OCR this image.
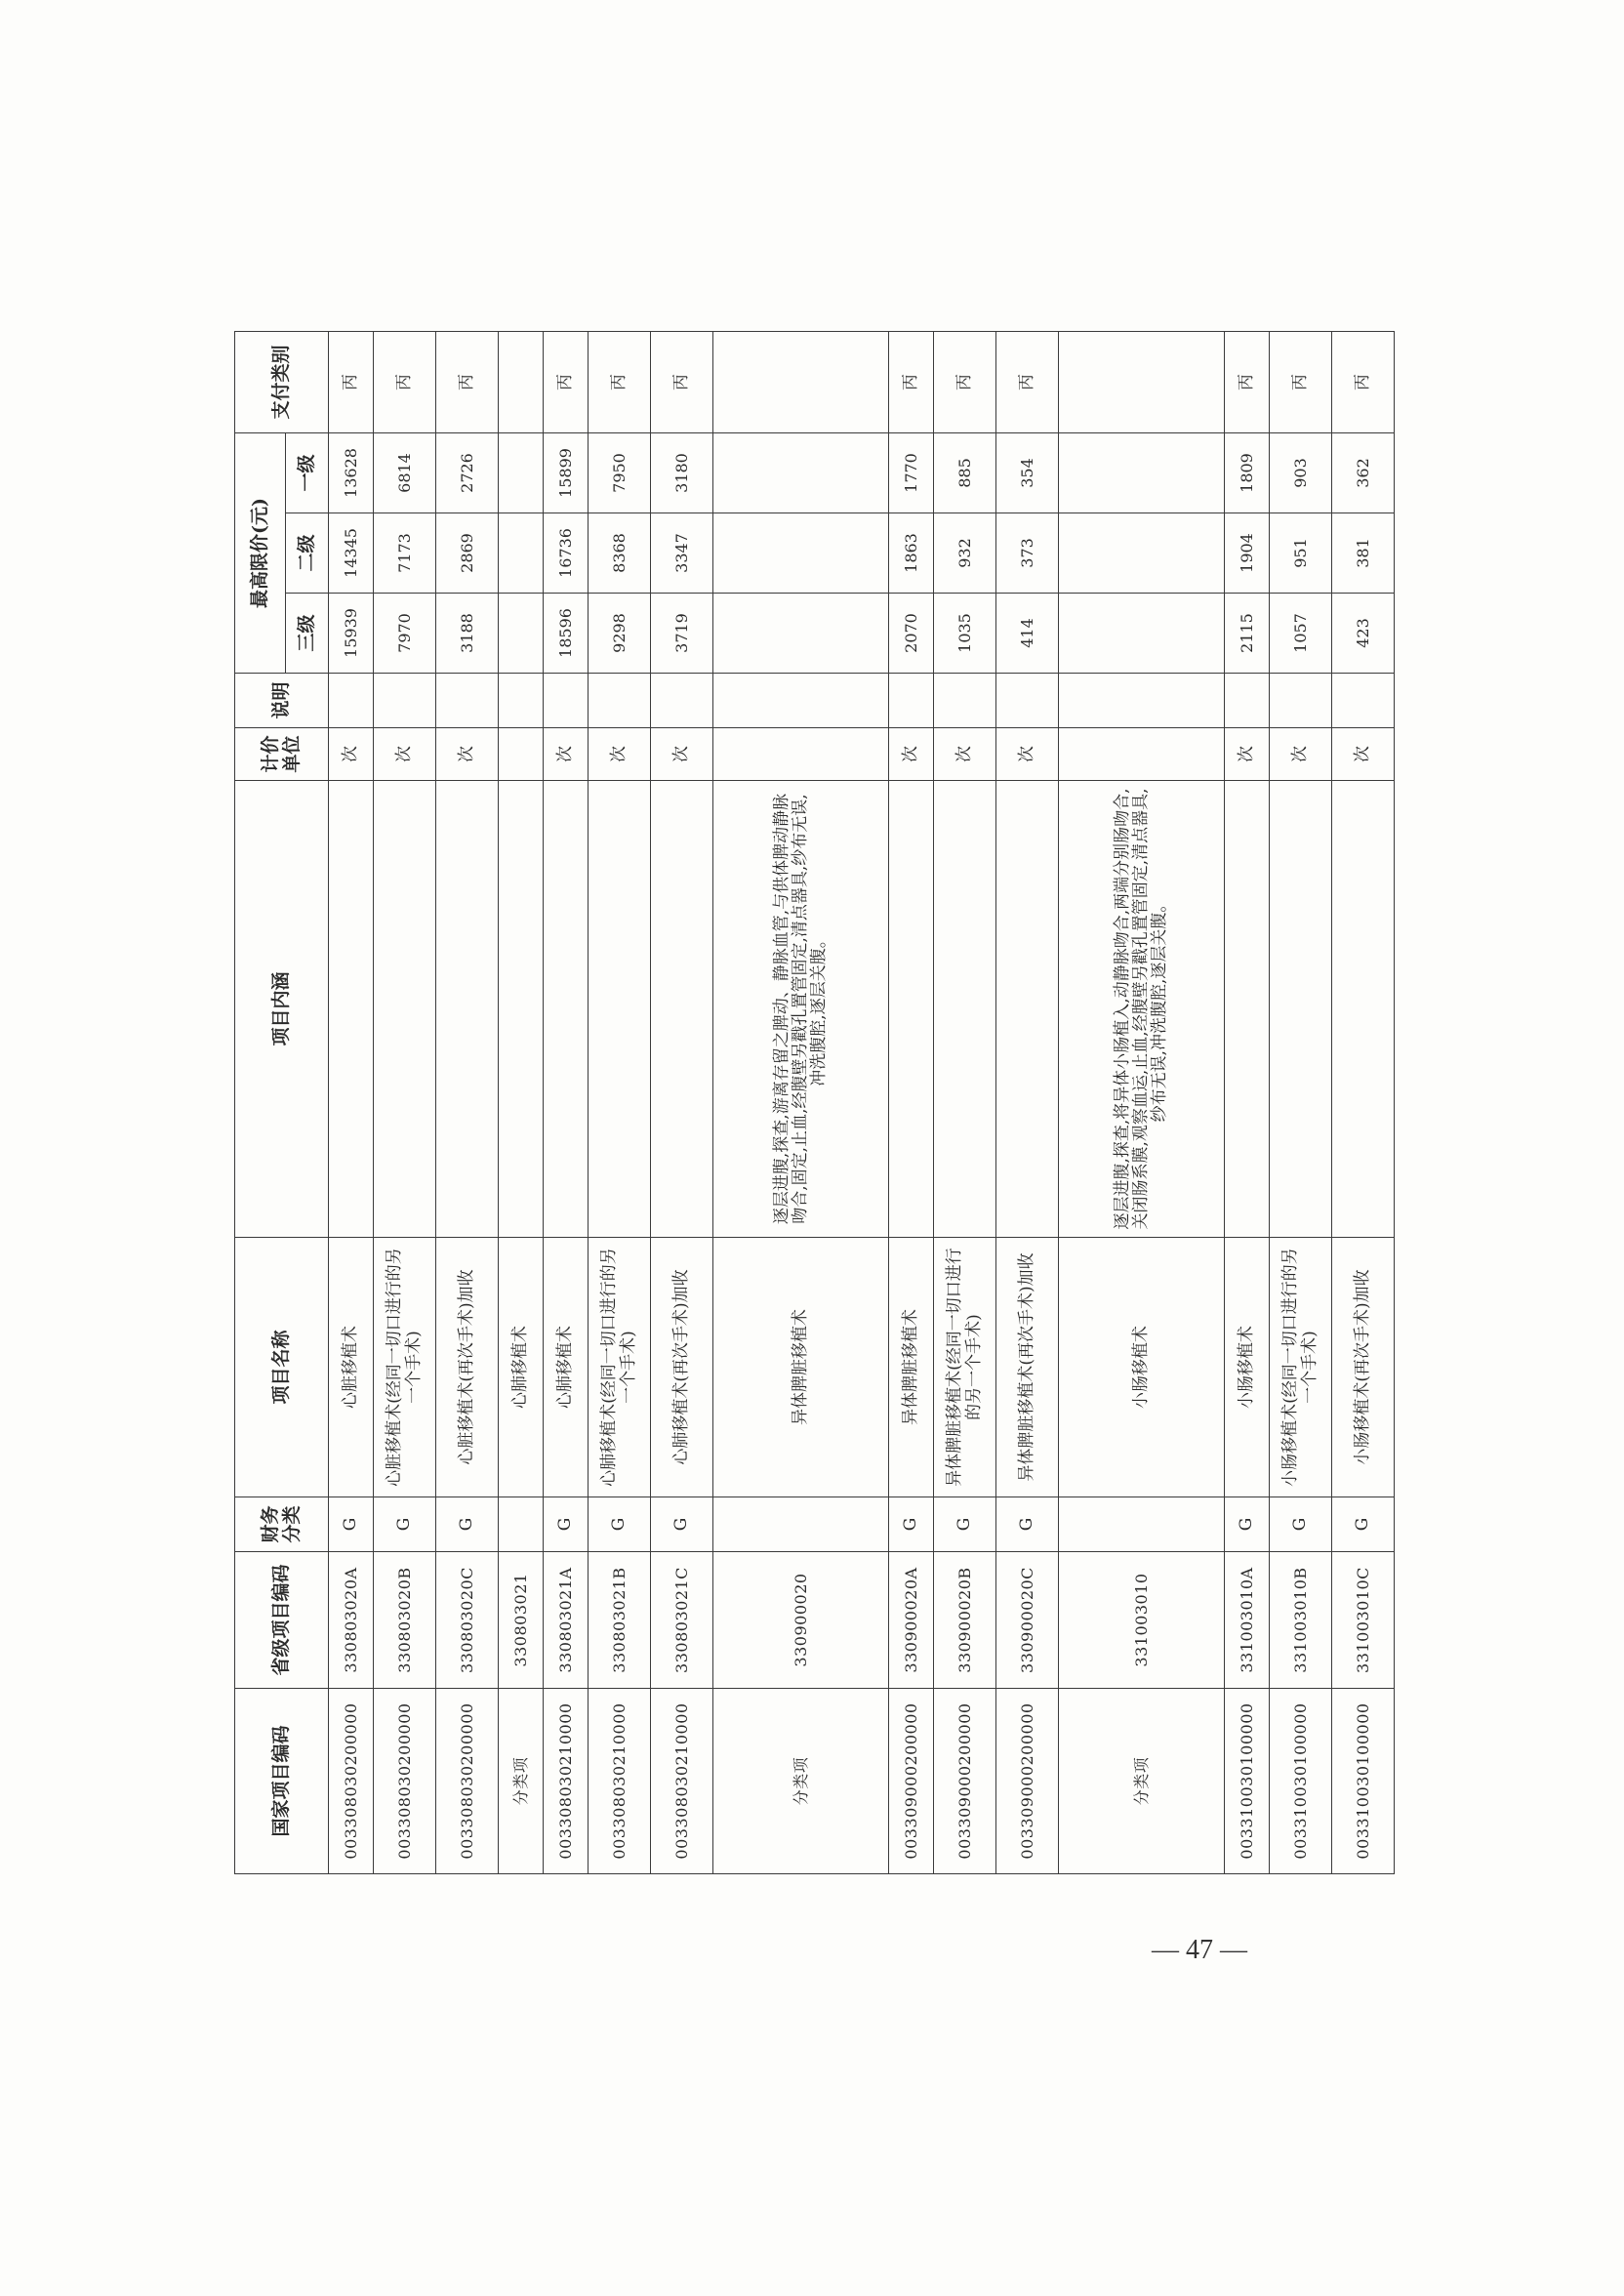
国家项目编码	省级项目编码	财务分类	项目名称	项目内涵	计价单位	说明	最高限价(元)			支付类别
							三级	二级	一级	
003308030200000	330803020A	G	心脏移植术		次		15939	14345	13628	丙
003308030200000	330803020B	G	心脏移植术(经同一切口进行的另一个手术)		次		7970	7173	6814	丙
003308030200000	330803020C	G	心脏移植术(再次手术)加收		次		3188	2869	2726	丙
分类项	330803021		心肺移植术							
003308030210000	330803021A	G	心肺移植术		次		18596	16736	15899	丙
003308030210000	330803021B	G	心肺移植术(经同一切口进行的另一个手术)		次		9298	8368	7950	丙
003308030210000	330803021C	G	心肺移植术(再次手术)加收		次		3719	3347	3180	丙
分类项	330900020		异体脾脏移植术	逐层进腹,探查,游离存留之脾动、静脉血管,与供体脾动静脉吻合,固定,止血,经腹壁另戳孔置管固定,清点器具,纱布无误,冲洗腹腔,逐层关腹。						
003309000200000	330900020A	G	异体脾脏移植术		次		2070	1863	1770	丙
003309000200000	330900020B	G	异体脾脏移植术(经同一切口进行的另一个手术)		次		1035	932	885	丙
003309000200000	330900020C	G	异体脾脏移植术(再次手术)加收		次		414	373	354	丙
分类项	331003010		小肠移植术	逐层进腹,探查,将异体小肠植入,动静脉吻合,两端分别肠吻合,关闭肠系膜,观察血运,止血,经腹壁另戳孔置管固定,清点器具,纱布无误,冲洗腹腔,逐层关腹。						
003310030100000	331003010A	G	小肠移植术		次		2115	1904	1809	丙
003310030100000	331003010B	G	小肠移植术(经同一切口进行的另一个手术)		次		1057	951	903	丙
003310030100000	331003010C	G	小肠移植术(再次手术)加收		次		423	381	362	丙
— 47 —
